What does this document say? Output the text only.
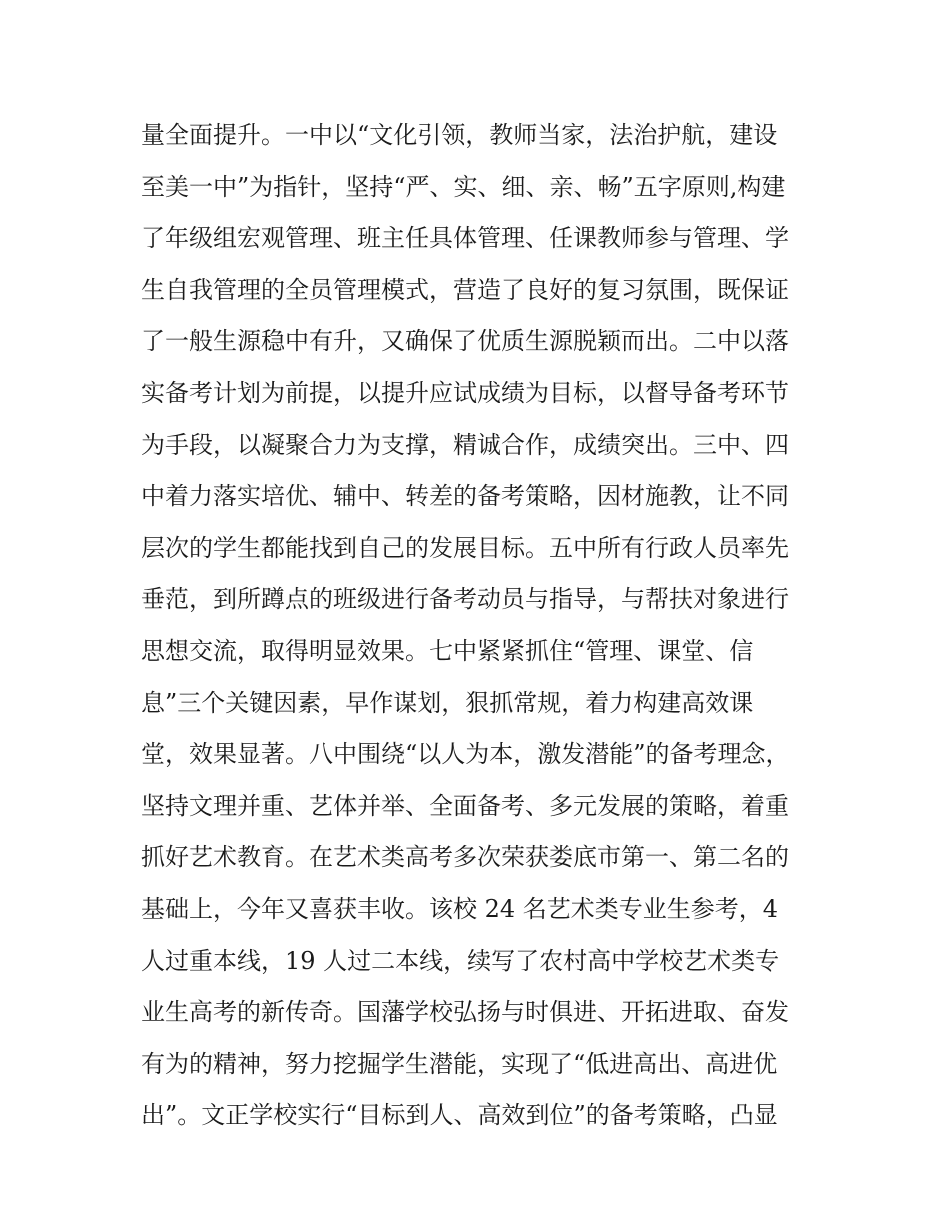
量全面提升。一中以“文化引领，教师当家，法治护航，建设
至美一中”为指针，坚持“严、实、细、亲、畅”五字原则,构建
了年级组宏观管理、班主任具体管理、任课教师参与管理、学
生自我管理的全员管理模式，营造了良好的复习氛围，既保证
了一般生源稳中有升，又确保了优质生源脱颖而出。二中以落
实备考计划为前提，以提升应试成绩为目标，以督导备考环节
为手段，以凝聚合力为支撑，精诚合作，成绩突出。三中、四
中着力落实培优、辅中、转差的备考策略，因材施教，让不同
层次的学生都能找到自己的发展目标。五中所有行政人员率先
垂范，到所蹲点的班级进行备考动员与指导，与帮扶对象进行
思想交流，取得明显效果。七中紧紧抓住“管理、课堂、信
息”三个关键因素，早作谋划，狠抓常规，着力构建高效课
堂，效果显著。八中围绕“以人为本，激发潜能”的备考理念，
坚持文理并重、艺体并举、全面备考、多元发展的策略，着重
抓好艺术教育。在艺术类高考多次荣获娄底市第一、第二名的
基础上，今年又喜获丰收。该校 24 名艺术类专业生参考，4
人过重本线，19 人过二本线，续写了农村高中学校艺术类专
业生高考的新传奇。国藩学校弘扬与时俱进、开拓进取、奋发
有为的精神，努力挖掘学生潜能，实现了“低进高出、高进优
出”。文正学校实行“目标到人、高效到位”的备考策略，凸显
